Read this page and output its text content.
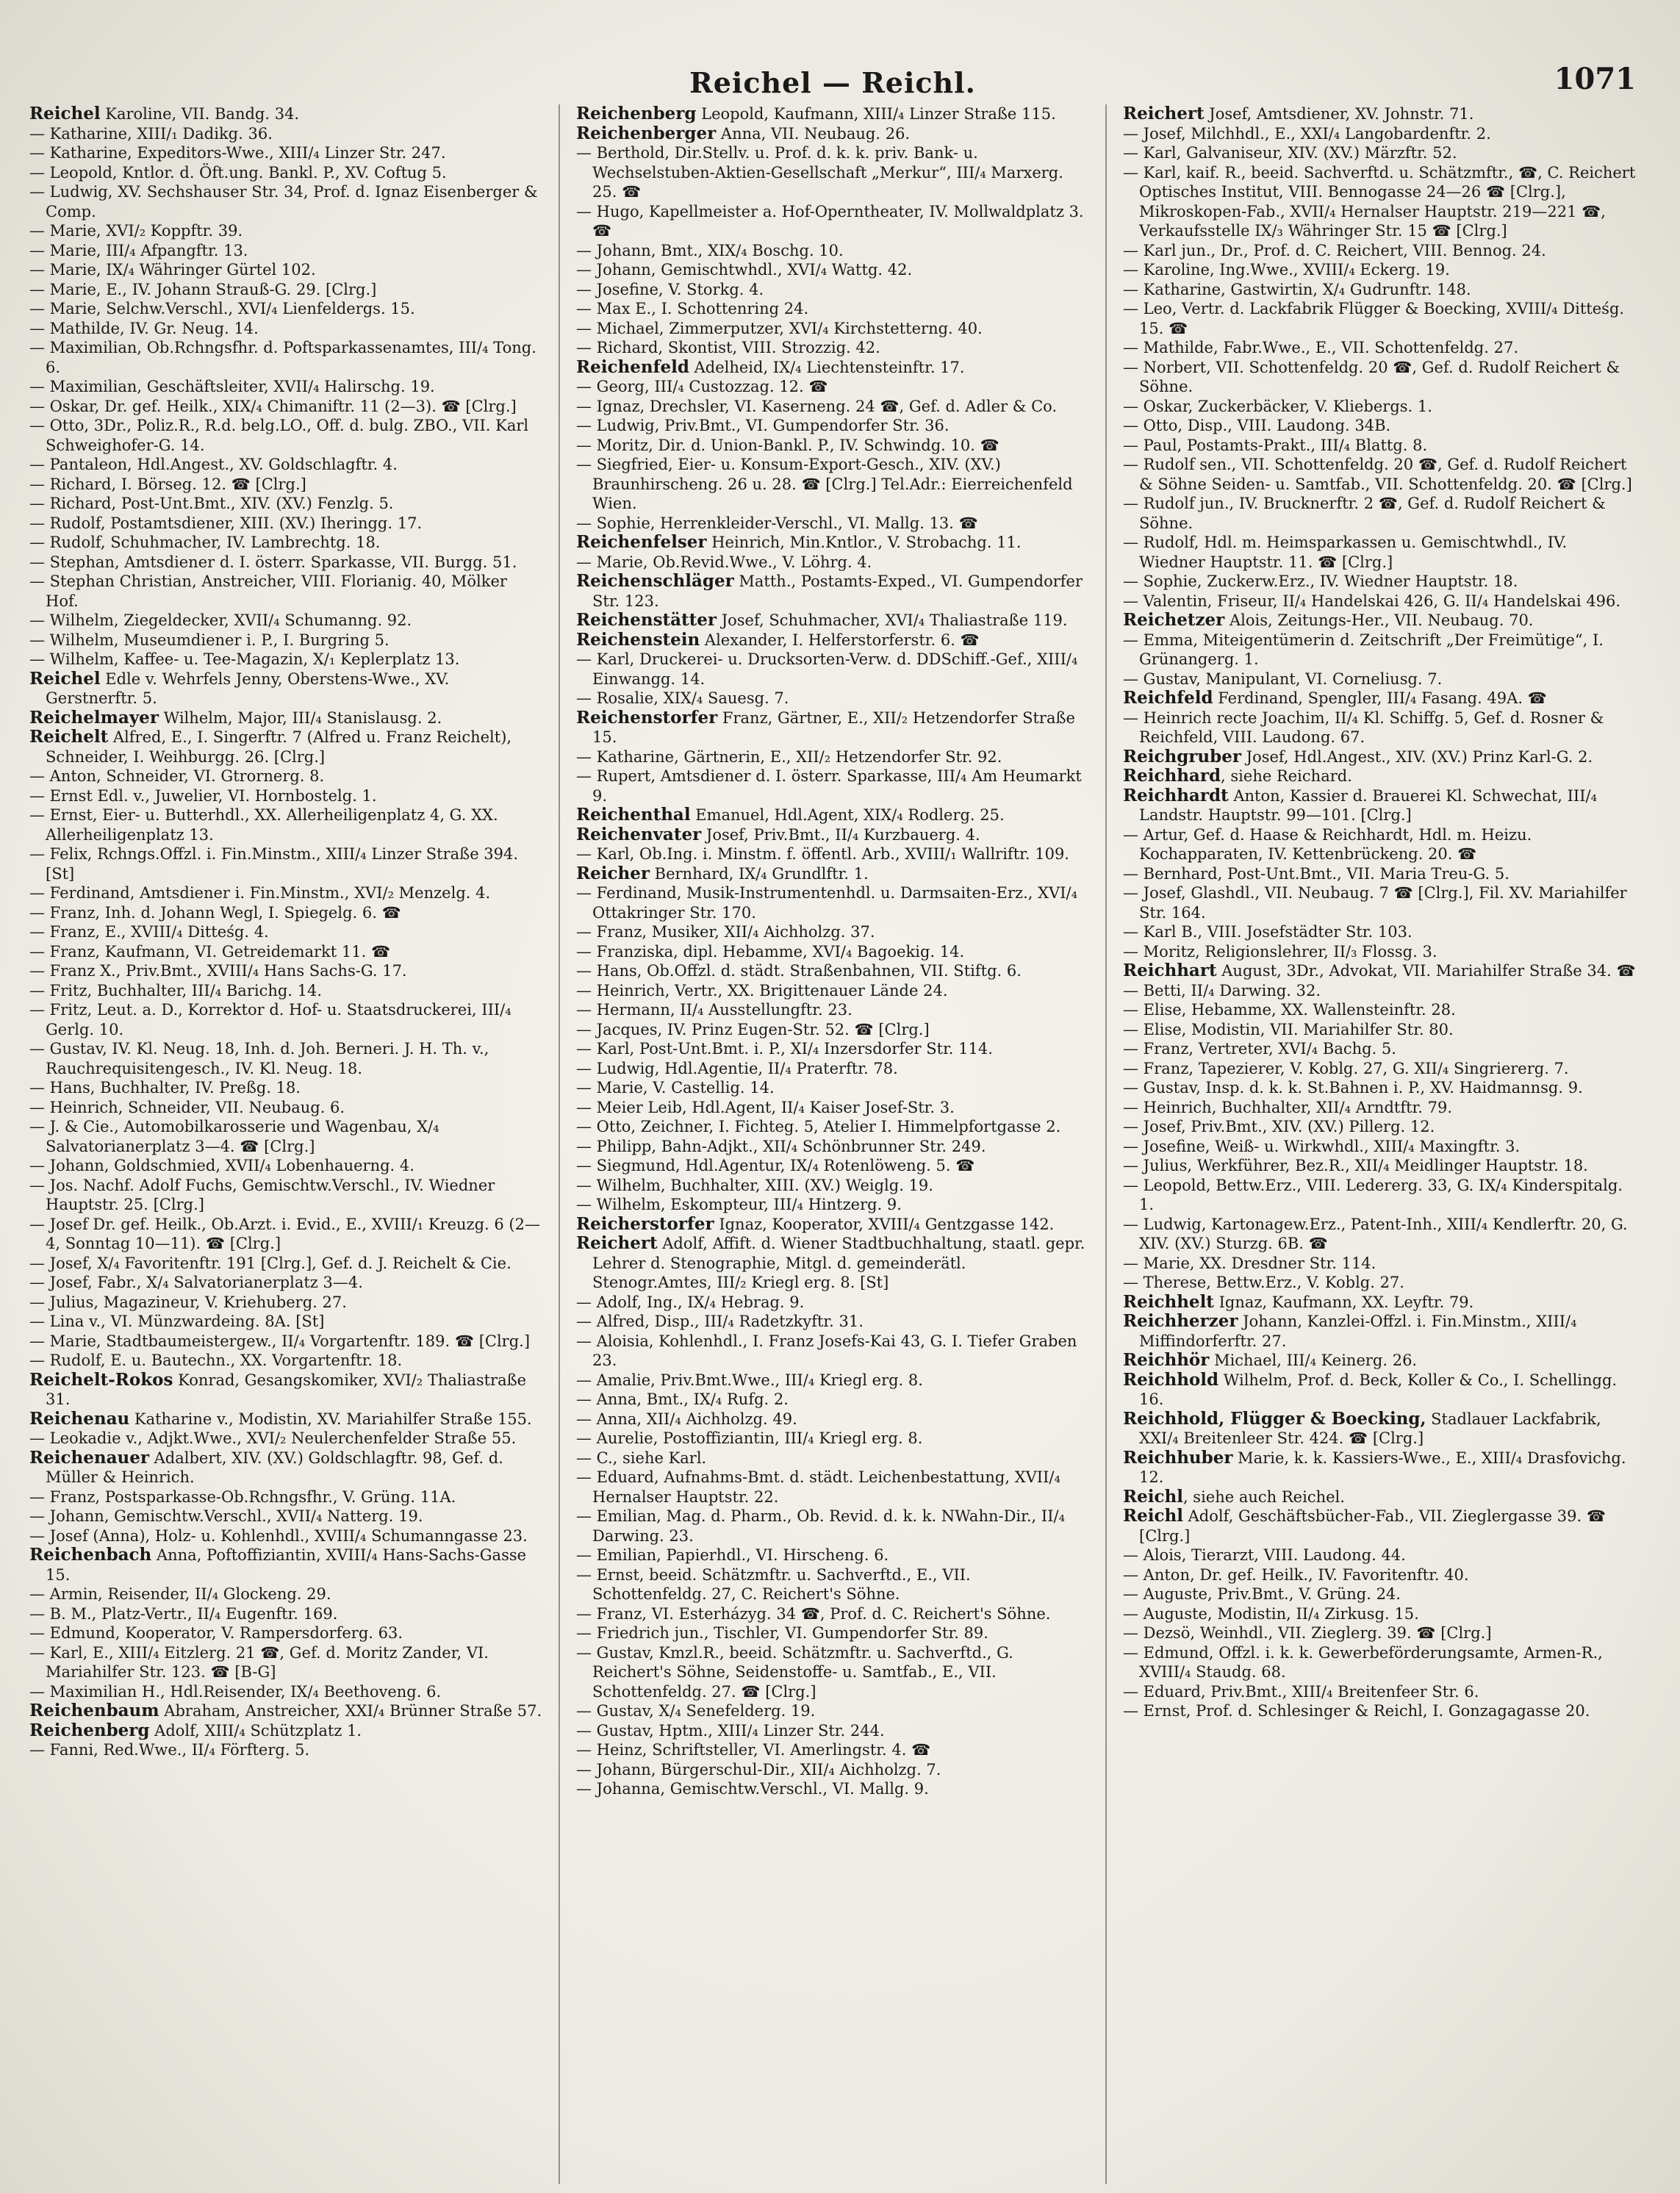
Reichel — Reichl.	1071

Reichel Karoline, VII. Bandg. 34.

— Katharine, XIII/₁ Dadikg. 36.

— Katharine, Expeditors-Wwe., XIII/₄ Linzer Str. 247.

— Leopold, Kntlor. d. Öft.ung. Bankl. P., XV. Coftug 5.

— Ludwig, XV. Sechshauser Str. 34, Prof. d. Ignaz Eisenberger & Comp.

— Marie, XVI/₂ Koppftr. 39.

— Marie, III/₄ Afpangftr. 13.

— Marie, IX/₄ Währinger Gürtel 102.

— Marie, E., IV. Johann Strauß-G. 29. [Clrg.]

— Marie, Selchw.Verschl., XVI/₄ Lienfeldergs. 15.

— Mathilde, IV. Gr. Neug. 14.

— Maximilian, Ob.Rchngsfhr. d. Poftsparkassenamtes, III/₄ Tong. 6.

— Maximilian, Geschäftsleiter, XVII/₄ Halirschg. 19.

— Oskar, Dr. gef. Heilk., XIX/₄ Chimaniftr. 11 (2—3). ☎ [Clrg.]

— Otto, 3Dr., Poliz.R., R.d. belg.LO., Off. d. bulg. ZBO., VII. Karl Schweighofer-G. 14.

— Pantaleon, Hdl.Angest., XV. Goldschlagftr. 4.

— Richard, I. Börseg. 12. ☎ [Clrg.]

— Richard, Post-Unt.Bmt., XIV. (XV.) Fenzlg. 5.

— Rudolf, Postamtsdiener, XIII. (XV.) Iheringg. 17.

— Rudolf, Schuhmacher, IV. Lambrechtg. 18.

— Stephan, Amtsdiener d. I. österr. Sparkasse, VII. Burgg. 51.

— Stephan Christian, Anstreicher, VIII. Florianig. 40, Mölker Hof.

— Wilhelm, Ziegeldecker, XVII/₄ Schumanng. 92.

— Wilhelm, Museumdiener i. P., I. Burgring 5.

— Wilhelm, Kaffee- u. Tee-Magazin, X/₁ Keplerplatz 13.

Reichel Edle v. Wehrfels Jenny, Oberstens-Wwe., XV. Gerstnerftr. 5.

Reichelmayer Wilhelm, Major, III/₄ Stanislausg. 2.

Reichelt Alfred, E., I. Singerftr. 7 (Alfred u. Franz Reichelt), Schneider, I. Weihburgg. 26. [Clrg.]

— Anton, Schneider, VI. Gtrornerg. 8.

— Ernst Edl. v., Juwelier, VI. Hornbostelg. 1.

— Ernst, Eier- u. Butterhdl., XX. Allerheiligenplatz 4, G. XX. Allerheiligenplatz 13.

— Felix, Rchngs.Offzl. i. Fin.Minstm., XIII/₄ Linzer Straße 394. [St]

— Ferdinand, Amtsdiener i. Fin.Minstm., XVI/₂ Menzelg. 4.

— Franz, Inh. d. Johann Wegl, I. Spiegelg. 6. ☎

— Franz, E., XVIII/₄ Ditteśg. 4.

— Franz, Kaufmann, VI. Getreidemarkt 11. ☎

— Franz X., Priv.Bmt., XVIII/₄ Hans Sachs-G. 17.

— Fritz, Buchhalter, III/₄ Barichg. 14.

— Fritz, Leut. a. D., Korrektor d. Hof- u. Staatsdruckerei, III/₄ Gerlg. 10.

— Gustav, IV. Kl. Neug. 18, Inh. d. Joh. Berneri. J. H. Th. v., Rauchrequisitengesch., IV. Kl. Neug. 18.

— Hans, Buchhalter, IV. Preßg. 18.

— Heinrich, Schneider, VII. Neubaug. 6.

— J. & Cie., Automobilkarosserie und Wagenbau, X/₄ Salvatorianerplatz 3—4. ☎ [Clrg.]

— Johann, Goldschmied, XVII/₄ Lobenhauerng. 4.

— Jos. Nachf. Adolf Fuchs, Gemischtw.Verschl., IV. Wiedner Hauptstr. 25. [Clrg.]

— Josef Dr. gef. Heilk., Ob.Arzt. i. Evid., E., XVIII/₁ Kreuzg. 6 (2—4, Sonntag 10—11). ☎ [Clrg.]

— Josef, X/₄ Favoritenftr. 191 [Clrg.], Gef. d. J. Reichelt & Cie.

— Josef, Fabr., X/₄ Salvatorianerplatz 3—4.

— Julius, Magazineur, V. Kriehuberg. 27.

— Lina v., VI. Münzwardeing. 8A. [St]

— Marie, Stadtbaumeistergew., II/₄ Vorgartenftr. 189. ☎ [Clrg.]

— Rudolf, E. u. Bautechn., XX. Vorgartenftr. 18.

Reichelt-Rokos Konrad, Gesangskomiker, XVI/₂ Thaliastraße 31.

Reichenau Katharine v., Modistin, XV. Mariahilfer Straße 155.

— Leokadie v., Adjkt.Wwe., XVI/₂ Neulerchenfelder Straße 55.

Reichenauer Adalbert, XIV. (XV.) Goldschlagftr. 98, Gef. d. Müller & Heinrich.

— Franz, Postsparkasse-Ob.Rchngsfhr., V. Grüng. 11A.

— Johann, Gemischtw.Verschl., XVII/₄ Natterg. 19.

— Josef (Anna), Holz- u. Kohlenhdl., XVIII/₄ Schumanngasse 23.

Reichenbach Anna, Poftoffiziantin, XVIII/₄ Hans-Sachs-Gasse 15.

— Armin, Reisender, II/₄ Glockeng. 29.

— B. M., Platz-Vertr., II/₄ Eugenftr. 169.

— Edmund, Kooperator, V. Rampersdorferg. 63.

— Karl, E., XIII/₄ Eitzlerg. 21 ☎, Gef. d. Moritz Zander, VI. Mariahilfer Str. 123. ☎ [B-G]

— Maximilian H., Hdl.Reisender, IX/₄ Beethoveng. 6.

Reichenbaum Abraham, Anstreicher, XXI/₄ Brünner Straße 57.

Reichenberg Adolf, XIII/₄ Schützplatz 1.

— Fanni, Red.Wwe., II/₄ Förfterg. 5.

Reichenberg Leopold, Kaufmann, XIII/₄ Linzer Straße 115.

Reichenberger Anna, VII. Neubaug. 26.

— Berthold, Dir.Stellv. u. Prof. d. k. k. priv. Bank- u. Wechselstuben-Aktien-Gesellschaft „Merkur“, III/₄ Marxerg. 25. ☎

— Hugo, Kapellmeister a. Hof-Operntheater, IV. Mollwaldplatz 3. ☎

— Johann, Bmt., XIX/₄ Boschg. 10.

— Johann, Gemischtwhdl., XVI/₄ Wattg. 42.

— Josefine, V. Storkg. 4.

— Max E., I. Schottenring 24.

— Michael, Zimmerputzer, XVI/₄ Kirchstetterng. 40.

— Richard, Skontist, VIII. Strozzig. 42.

Reichenfeld Adelheid, IX/₄ Liechtensteinftr. 17.

— Georg, III/₄ Custozzag. 12. ☎

— Ignaz, Drechsler, VI. Kaserneng. 24 ☎, Gef. d. Adler & Co.

— Ludwig, Priv.Bmt., VI. Gumpendorfer Str. 36.

— Moritz, Dir. d. Union-Bankl. P., IV. Schwindg. 10. ☎

— Siegfried, Eier- u. Konsum-Export-Gesch., XIV. (XV.) Braunhirscheng. 26 u. 28. ☎ [Clrg.] Tel.Adr.: Eierreichenfeld Wien.

— Sophie, Herrenkleider-Verschl., VI. Mallg. 13. ☎

Reichenfelser Heinrich, Min.Kntlor., V. Strobachg. 11.

— Marie, Ob.Revid.Wwe., V. Löhrg. 4.

Reichenschläger Matth., Postamts-Exped., VI. Gumpendorfer Str. 123.

Reichenstätter Josef, Schuhmacher, XVI/₄ Thaliastraße 119.

Reichenstein Alexander, I. Helferstorferstr. 6. ☎

— Karl, Druckerei- u. Drucksorten-Verw. d. DDSchiff.-Gef., XIII/₄ Einwangg. 14.

— Rosalie, XIX/₄ Sauesg. 7.

Reichenstorfer Franz, Gärtner, E., XII/₂ Hetzendorfer Straße 15.

— Katharine, Gärtnerin, E., XII/₂ Hetzendorfer Str. 92.

— Rupert, Amtsdiener d. I. österr. Sparkasse, III/₄ Am Heumarkt 9.

Reichenthal Emanuel, Hdl.Agent, XIX/₄ Rodlerg. 25.

Reichenvater Josef, Priv.Bmt., II/₄ Kurzbauerg. 4.

— Karl, Ob.Ing. i. Minstm. f. öffentl. Arb., XVIII/₁ Wallriftr. 109.

Reicher Bernhard, IX/₄ Grundlftr. 1.

— Ferdinand, Musik-Instrumentenhdl. u. Darmsaiten-Erz., XVI/₄ Ottakringer Str. 170.

— Franz, Musiker, XII/₄ Aichholzg. 37.

— Franziska, dipl. Hebamme, XVI/₄ Bagoekig. 14.

— Hans, Ob.Offzl. d. städt. Straßenbahnen, VII. Stiftg. 6.

— Heinrich, Vertr., XX. Brigittenauer Lände 24.

— Hermann, II/₄ Ausstellungftr. 23.

— Jacques, IV. Prinz Eugen-Str. 52. ☎ [Clrg.]

— Karl, Post-Unt.Bmt. i. P., XI/₄ Inzersdorfer Str. 114.

— Ludwig, Hdl.Agentie, II/₄ Praterftr. 78.

— Marie, V. Castellig. 14.

— Meier Leib, Hdl.Agent, II/₄ Kaiser Josef-Str. 3.

— Otto, Zeichner, I. Fichteg. 5, Atelier I. Himmelpfortgasse 2.

— Philipp, Bahn-Adjkt., XII/₄ Schönbrunner Str. 249.

— Siegmund, Hdl.Agentur, IX/₄ Rotenlöweng. 5. ☎

— Wilhelm, Buchhalter, XIII. (XV.) Weiglg. 19.

— Wilhelm, Eskompteur, III/₄ Hintzerg. 9.

Reicherstorfer Ignaz, Kooperator, XVIII/₄ Gentzgasse 142.

Reichert Adolf, Affift. d. Wiener Stadtbuchhaltung, staatl. gepr. Lehrer d. Stenographie, Mitgl. d. gemeinderätl. Stenogr.Amtes, III/₂ Kriegl erg. 8. [St]

— Adolf, Ing., IX/₄ Hebrag. 9.

— Alfred, Disp., III/₄ Radetzkyftr. 31.

— Aloisia, Kohlenhdl., I. Franz Josefs-Kai 43, G. I. Tiefer Graben 23.

— Amalie, Priv.Bmt.Wwe., III/₄ Kriegl erg. 8.

— Anna, Bmt., IX/₄ Rufg. 2.

— Anna, XII/₄ Aichholzg. 49.

— Aurelie, Postoffiziantin, III/₄ Kriegl erg. 8.

— C., siehe Karl.

— Eduard, Aufnahms-Bmt. d. städt. Leichenbestattung, XVII/₄ Hernalser Hauptstr. 22.

— Emilian, Mag. d. Pharm., Ob. Revid. d. k. k. NWahn-Dir., II/₄ Darwing. 23.

— Emilian, Papierhdl., VI. Hirscheng. 6.

— Ernst, beeid. Schätzmftr. u. Sachverftd., E., VII. Schottenfeldg. 27, C. Reichert's Söhne.

— Franz, VI. Esterházyg. 34 ☎, Prof. d. C. Reichert's Söhne.

— Friedrich jun., Tischler, VI. Gumpendorfer Str. 89.

— Gustav, Kmzl.R., beeid. Schätzmftr. u. Sachverftd., G. Reichert's Söhne, Seidenstoffe- u. Samtfab., E., VII. Schottenfeldg. 27. ☎ [Clrg.]

— Gustav, X/₄ Senefelderg. 19.

— Gustav, Hptm., XIII/₄ Linzer Str. 244.

— Heinz, Schriftsteller, VI. Amerlingstr. 4. ☎

— Johann, Bürgerschul-Dir., XII/₄ Aichholzg. 7.

— Johanna, Gemischtw.Verschl., VI. Mallg. 9.

Reichert Josef, Amtsdiener, XV. Johnstr. 71.

— Josef, Milchhdl., E., XXI/₄ Langobardenftr. 2.

— Karl, Galvaniseur, XIV. (XV.) Märzftr. 52.

— Karl, kaif. R., beeid. Sachverftd. u. Schätzmftr., ☎, C. Reichert Optisches Institut, VIII. Bennogasse 24—26 ☎ [Clrg.], Mikroskopen-Fab., XVII/₄ Hernalser Hauptstr. 219—221 ☎, Verkaufsstelle IX/₃ Währinger Str. 15 ☎ [Clrg.]

— Karl jun., Dr., Prof. d. C. Reichert, VIII. Bennog. 24.

— Karoline, Ing.Wwe., XVIII/₄ Eckerg. 19.

— Katharine, Gastwirtin, X/₄ Gudrunftr. 148.

— Leo, Vertr. d. Lackfabrik Flügger & Boecking, XVIII/₄ Ditteśg. 15. ☎

— Mathilde, Fabr.Wwe., E., VII. Schottenfeldg. 27.

— Norbert, VII. Schottenfeldg. 20 ☎, Gef. d. Rudolf Reichert & Söhne.

— Oskar, Zuckerbäcker, V. Kliebergs. 1.

— Otto, Disp., VIII. Laudong. 34B.

— Paul, Postamts-Prakt., III/₄ Blattg. 8.

— Rudolf sen., VII. Schottenfeldg. 20 ☎, Gef. d. Rudolf Reichert & Söhne Seiden- u. Samtfab., VII. Schottenfeldg. 20. ☎ [Clrg.]

— Rudolf jun., IV. Brucknerftr. 2 ☎, Gef. d. Rudolf Reichert & Söhne.

— Rudolf, Hdl. m. Heimsparkassen u. Gemischtwhdl., IV. Wiedner Hauptstr. 11. ☎ [Clrg.]

— Sophie, Zuckerw.Erz., IV. Wiedner Hauptstr. 18.

— Valentin, Friseur, II/₄ Handelskai 426, G. II/₄ Handelskai 496.

Reichetzer Alois, Zeitungs-Her., VII. Neubaug. 70.

— Emma, Miteigentümerin d. Zeitschrift „Der Freimütige“, I. Grünangerg. 1.

— Gustav, Manipulant, VI. Corneliusg. 7.

Reichfeld Ferdinand, Spengler, III/₄ Fasang. 49A. ☎

— Heinrich recte Joachim, II/₄ Kl. Schiffg. 5, Gef. d. Rosner & Reichfeld, VIII. Laudong. 67.

Reichgruber Josef, Hdl.Angest., XIV. (XV.) Prinz Karl-G. 2.

Reichhard, siehe Reichard.

Reichhardt Anton, Kassier d. Brauerei Kl. Schwechat, III/₄ Landstr. Hauptstr. 99—101. [Clrg.]

— Artur, Gef. d. Haase & Reichhardt, Hdl. m. Heizu. Kochapparaten, IV. Kettenbrückeng. 20. ☎

— Bernhard, Post-Unt.Bmt., VII. Maria Treu-G. 5.

— Josef, Glashdl., VII. Neubaug. 7 ☎ [Clrg.], Fil. XV. Mariahilfer Str. 164.

— Karl B., VIII. Josefstädter Str. 103.

— Moritz, Religionslehrer, II/₃ Flossg. 3.

Reichhart August, 3Dr., Advokat, VII. Mariahilfer Straße 34. ☎

— Betti, II/₄ Darwing. 32.

— Elise, Hebamme, XX. Wallensteinftr. 28.

— Elise, Modistin, VII. Mariahilfer Str. 80.

— Franz, Vertreter, XVI/₄ Bachg. 5.

— Franz, Tapezierer, V. Koblg. 27, G. XII/₄ Singriererg. 7.

— Gustav, Insp. d. k. k. St.Bahnen i. P., XV. Haidmannsg. 9.

— Heinrich, Buchhalter, XII/₄ Arndtftr. 79.

— Josef, Priv.Bmt., XIV. (XV.) Pillerg. 12.

— Josefine, Weiß- u. Wirkwhdl., XIII/₄ Maxingftr. 3.

— Julius, Werkführer, Bez.R., XII/₄ Meidlinger Hauptstr. 18.

— Leopold, Bettw.Erz., VIII. Ledererg. 33, G. IX/₄ Kinderspitalg. 1.

— Ludwig, Kartonagew.Erz., Patent-Inh., XIII/₄ Kendlerftr. 20, G. XIV. (XV.) Sturzg. 6B. ☎

— Marie, XX. Dresdner Str. 114.

— Therese, Bettw.Erz., V. Koblg. 27.

Reichhelt Ignaz, Kaufmann, XX. Leyftr. 79.

Reichherzer Johann, Kanzlei-Offzl. i. Fin.Minstm., XIII/₄ Miffindorferftr. 27.

Reichhör Michael, III/₄ Keinerg. 26.

Reichhold Wilhelm, Prof. d. Beck, Koller & Co., I. Schellingg. 16.

Reichhold, Flügger & Boecking, Stadlauer Lackfabrik, XXI/₄ Breitenleer Str. 424. ☎ [Clrg.]

Reichhuber Marie, k. k. Kassiers-Wwe., E., XIII/₄ Drasfovichg. 12.

Reichl, siehe auch Reichel.

Reichl Adolf, Geschäftsbücher-Fab., VII. Zieglergasse 39. ☎ [Clrg.]

— Alois, Tierarzt, VIII. Laudong. 44.

— Anton, Dr. gef. Heilk., IV. Favoritenftr. 40.

— Auguste, Priv.Bmt., V. Grüng. 24.

— Auguste, Modistin, II/₄ Zirkusg. 15.

— Dezsö, Weinhdl., VII. Zieglerg. 39. ☎ [Clrg.]

— Edmund, Offzl. i. k. k. Gewerbeförderungsamte, Armen-R., XVIII/₄ Staudg. 68.

— Eduard, Priv.Bmt., XIII/₄ Breitenfeer Str. 6.

— Ernst, Prof. d. Schlesinger & Reichl, I. Gonzagagasse 20.
